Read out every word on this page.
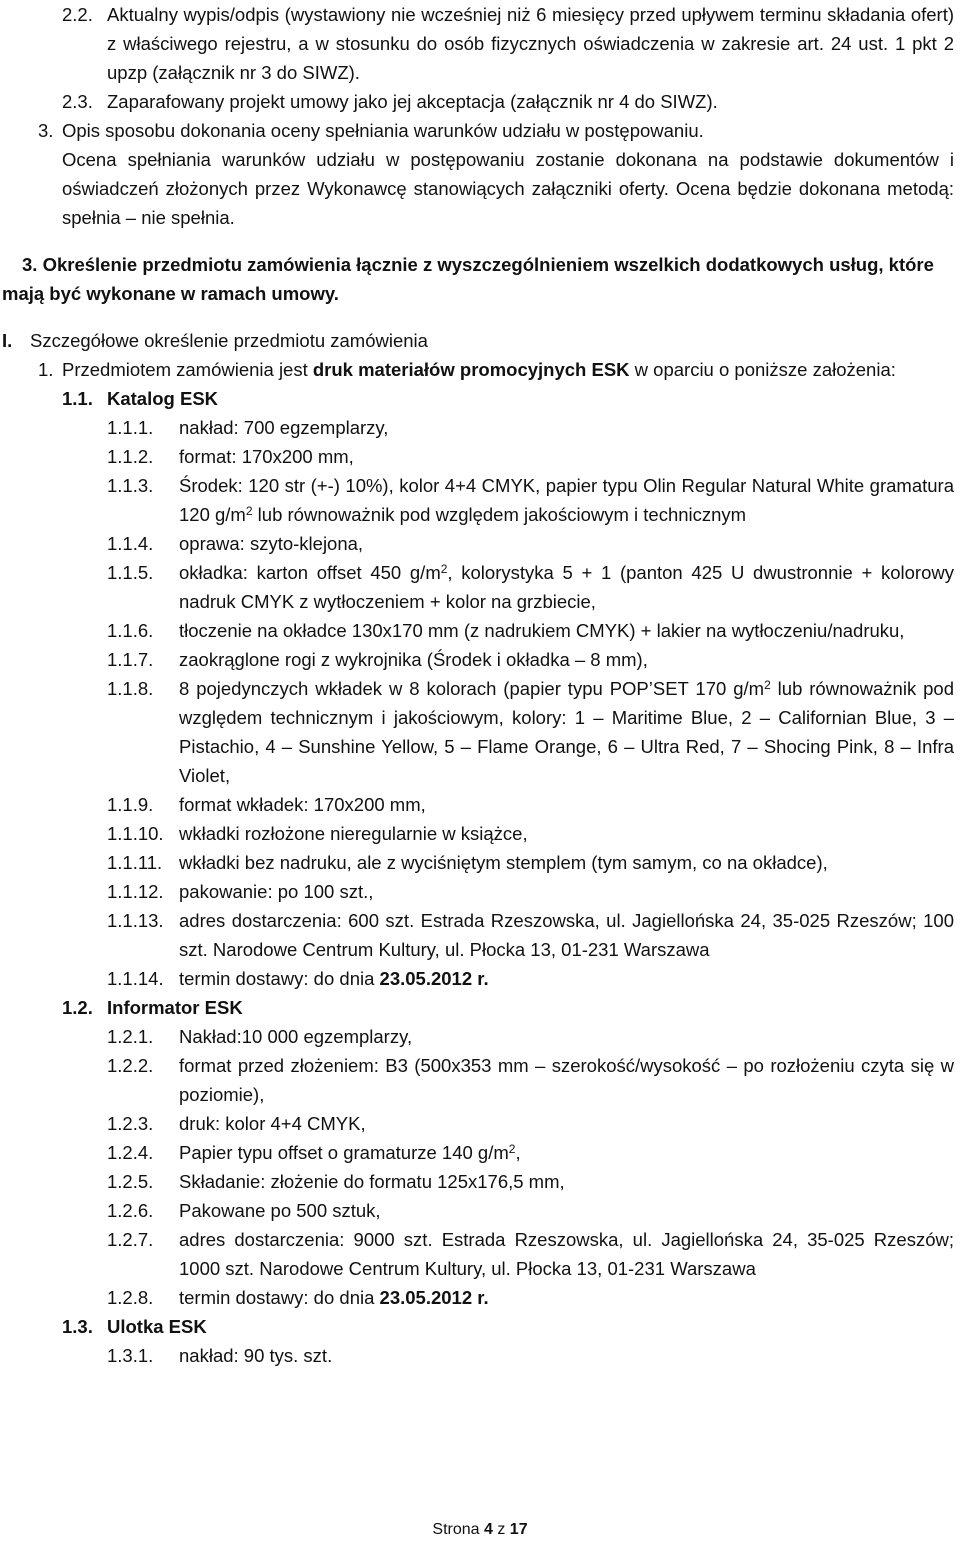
2.2. Aktualny wypis/odpis (wystawiony nie wcześniej niż 6 miesięcy przed upływem terminu składania ofert) z właściwego rejestru, a w stosunku do osób fizycznych oświadczenia w zakresie art. 24 ust. 1 pkt 2 upzp (załącznik nr 3 do SIWZ).
2.3. Zaparafowany projekt umowy jako jej akceptacja (załącznik nr 4 do SIWZ).
3. Opis sposobu dokonania oceny spełniania warunków udziału w postępowaniu.
Ocena spełniania warunków udziału w postępowaniu zostanie dokonana na podstawie dokumentów i oświadczeń złożonych przez Wykonawcę stanowiących załączniki oferty. Ocena będzie dokonana metodą: spełnia – nie spełnia.
3. Określenie przedmiotu zamówienia łącznie z wyszczególnieniem wszelkich dodatkowych usług, które mają być wykonane w ramach umowy.
I. Szczegółowe określenie przedmiotu zamówienia
1. Przedmiotem zamówienia jest druk materiałów promocyjnych ESK w oparciu o poniższe założenia:
1.1. Katalog ESK
1.1.1.	nakład: 700 egzemplarzy,
1.1.2.	format: 170x200 mm,
1.1.3.	Środek: 120 str (+-) 10%), kolor 4+4 CMYK, papier typu Olin Regular Natural White gramatura 120 $g/m^2$ lub równoważnik pod względem jakościowym i technicznym
1.1.4.	oprawa: szyto-klejona,
1.1.5.	okładka: karton offset 450 $g/m^2$, kolorystyka 5 + 1 (panton 425 U dwustronnie + kolorowy nadruk CMYK z wytłoczeniem + kolor na grzbiecie,
1.1.6.	tłoczenie na okładce 130x170 mm (z nadrukiem CMYK) + lakier na wytłoczeniu/nadruku,
1.1.7.	zaokrąglone rogi z wykrojnika (Środek i okładka – 8 mm),
1.1.8.	8 pojedynczych wkładek w 8 kolorach (papier typu POP’SET 170 $g/m^2$ lub równoważnik pod względem technicznym i jakościowym, kolory: 1 – Maritime Blue, 2 – Californian Blue, 3 – Pistachio, 4 – Sunshine Yellow, 5 – Flame Orange, 6 – Ultra Red, 7 – Shocing Pink, 8 – Infra Violet,
1.1.9.	format wkładek: 170x200 mm,
1.1.10. wkładki rozłożone nieregularnie w książce,
1.1.11. wkładki bez nadruku, ale z wyciśniętym stemplem (tym samym, co na okładce),
1.1.12. pakowanie: po 100 szt.,
1.1.13. adres dostarczenia: 600 szt. Estrada Rzeszowska, ul. Jagiellońska 24, 35-025 Rzeszów; 100 szt. Narodowe Centrum Kultury, ul. Płocka 13, 01-231 Warszawa
1.1.14. termin dostawy: do dnia 23.05.2012 r.
1.2. Informator ESK
1.2.1.	Nakład:10 000 egzemplarzy,
1.2.2.	format przed złożeniem: B3 (500x353 mm – szerokość/wysokość – po rozłożeniu czyta się w poziomie),
1.2.3.	druk: kolor 4+4 CMYK,
1.2.4.	Papier typu offset o gramaturze 140 $g/m^2$,
1.2.5.	Składanie: złożenie do formatu 125x176,5 mm,
1.2.6.	Pakowane po 500 sztuk,
1.2.7.	adres dostarczenia: 9000 szt. Estrada Rzeszowska, ul. Jagiellońska 24, 35-025 Rzeszów; 1000 szt. Narodowe Centrum Kultury, ul. Płocka 13, 01-231 Warszawa
1.2.8.	termin dostawy: do dnia 23.05.2012 r.
1.3. Ulotka ESK
1.3.1.	nakład: 90 tys. szt.
Strona 4 z 17
